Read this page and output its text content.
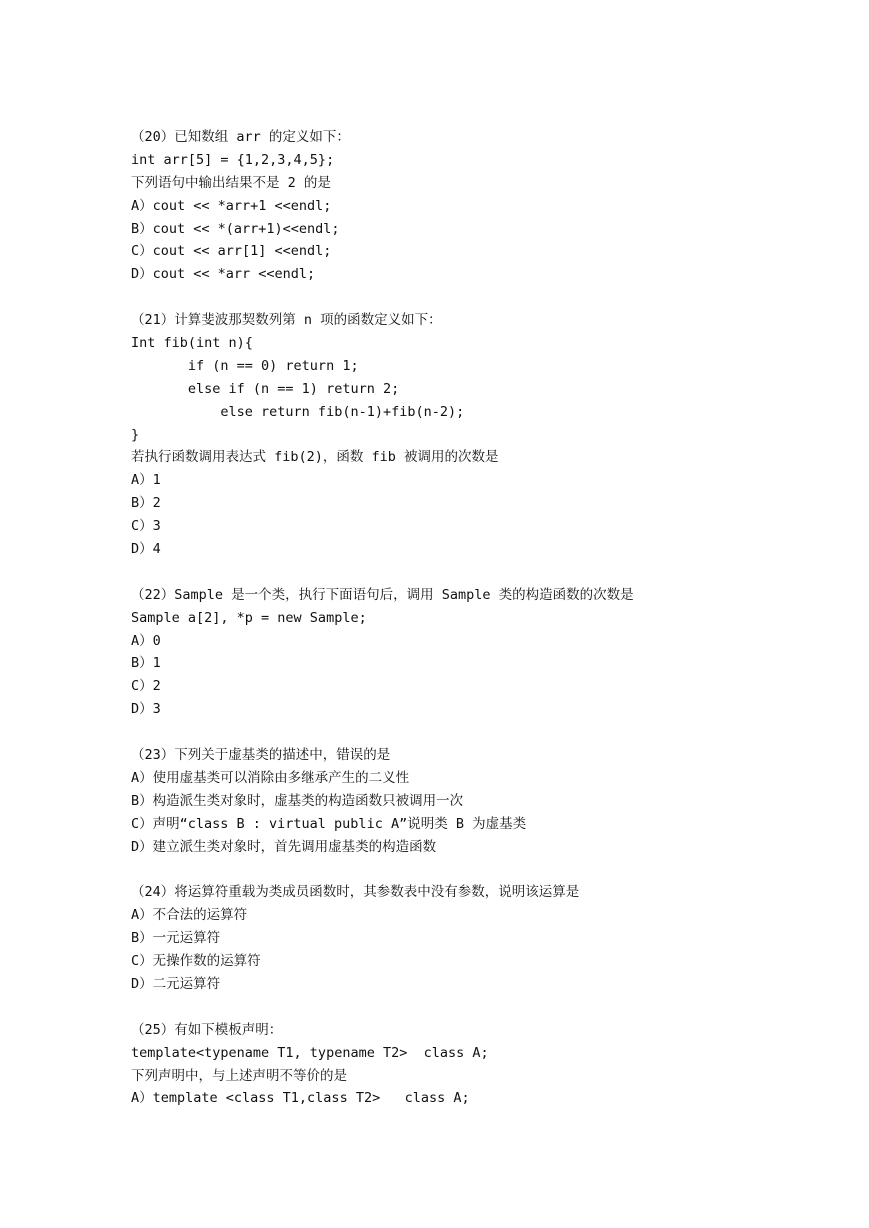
（20）已知数组 arr 的定义如下：
int arr[5] = {1,2,3,4,5};
下列语句中输出结果不是 2 的是
A）cout << *arr+1 <<endl;
B）cout << *(arr+1)<<endl;
C）cout << arr[1] <<endl;
D）cout << *arr <<endl;
（21）计算斐波那契数列第 n 项的函数定义如下：
Int fib(int n){
if (n == 0) return 1;
else if (n == 1) return 2;
else return fib(n-1)+fib(n-2);
}
若执行函数调用表达式 fib(2)，函数 fib 被调用的次数是
A）1
B）2
C）3
D）4
（22）Sample 是一个类，执行下面语句后，调用 Sample 类的构造函数的次数是
Sample a[2], *p = new Sample;
A）0
B）1
C）2
D）3
（23）下列关于虚基类的描述中，错误的是
A）使用虚基类可以消除由多继承产生的二义性
B）构造派生类对象时，虚基类的构造函数只被调用一次
C）声明“class B : virtual public A”说明类 B 为虚基类
D）建立派生类对象时，首先调用虚基类的构造函数
（24）将运算符重载为类成员函数时，其参数表中没有参数，说明该运算是
A）不合法的运算符
B）一元运算符
C）无操作数的运算符
D）二元运算符
（25）有如下模板声明：
template<typename T1, typename T2>  class A;
下列声明中，与上述声明不等价的是
A）template <class T1,class T2>   class A;
